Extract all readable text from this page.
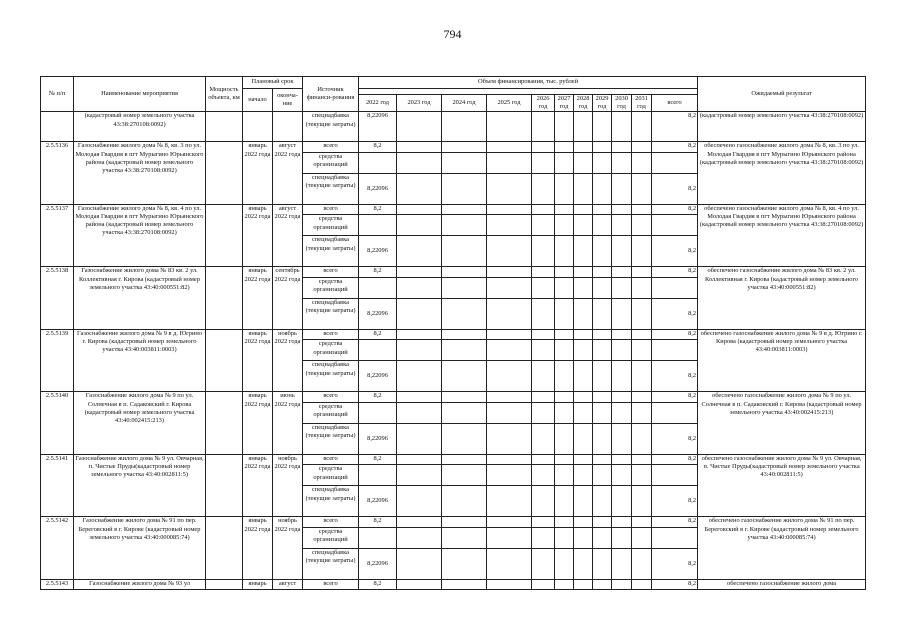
794
№ п/п	Наименование мероприятия	Мощность объекта, км	Плановый срок		Источник финанси-рования	Объем финансирования, тыс. рублей											Ожидаемый результат
			начало	оконча-ние													
						2022 год	2023 год	2024 год	2025 год	2026 год	2027 год	2028 год	2029 год	2030 год	2031 год	всего	
	(кадастровый номер земельного участка 43:38:270108:0092)				спецнадбавка (текущие затраты)	8,22096										8,2	(кадастровый номер земельного участка 43:38:270108:0092)
2.5.5136	Газоснабжение жилого дома № 8, кв. 3 по ул. Молодая Гвардия в пгт Мурыгино Юрьянского района (кадастровый номер земельного участка 43:38:270108:0092)		январь 2022 года	август 2022 года	всего	8,2										8,2	обеспечено газоснабжение жилого дома № 8, кв. 3 по ул. Молодая Гвардия в пгт Мурыгино Юрьянского района (кадастровый номер земельного участка 43:38:270108:0092)
					средства организаций												
					спецнадбавка (текущие затраты)	8,22096										8,2	
2.5.5137	Газоснабжение жилого дома № 8, кв. 4 по ул. Молодая Гвардия в пгт Мурыгино Юрьянского района (кадастровый номер земельного участка 43:38:270108:0092)		январь 2022 года	август 2022 года	всего	8,2										8,2	обеспечено газоснабжение жилого дома № 8, кв. 4 по ул. Молодая Гвардия в пгт Мурыгино Юрьянского района (кадастровый номер земельного участка 43:38:270108:0092)
					средства организаций												
					спецнадбавка (текущие затраты)	8,22096										8,2	
2.5.5138	Газоснабжение жилого дома № 83 кв. 2 ул. Коллективная г. Кирова (кадастровый номер земельного участка 43:40:000551:82)		январь 2022 года	сентябрь 2022 года	всего	8,2										8,2	обеспечено газоснабжение жилого дома № 83 кв. 2 ул. Коллективная г. Кирова (кадастровый номер земельного участка 43:40:000551:82)
					средства организаций												
					спецнадбавка (текущие затраты)	8,22096										8,2	
2.5.5139	Газоснабжение жилого дома № 9 в д. Югрино г. Кирова (кадастровый номер земельного участка 43:40:003811:0003)		январь 2022 года	ноябрь 2022 года	всего	8,2										8,2	обеспечено газоснабжение жилого дома № 9 в д. Югрино г. Кирова (кадастровый номер земельного участка 43:40:003811:0003)
					средства организаций												
					спецнадбавка (текущие затраты)	8,22096										8,2	
2.5.5140	Газоснабжение жилого дома № 9 по ул. Солнечная в п. Садаковский г. Кирова (кадастровый номер земельного участка 43:40:002415:213)		январь 2022 года	июнь 2022 года	всего	8,2										8,2	обеспечено газоснабжение жилого дома № 9 по ул. Солнечная в п. Садаковский г. Кирова (кадастровый номер земельного участка 43:40:002415:213)
					средства организаций												
					спецнадбавка (текущие затраты)	8,22096										8,2	
2.5.5141	Газоснабжение жилого дома № 9 ул. Овчарная, п. Чистые Пруды(кадастровый номер земельного участка 43:40:002811:5)		январь 2022 года	ноябрь 2022 года	всего	8,2										8,2	обеспечено газоснабжение жилого дома № 9 ул. Овчарная, п. Чистые Пруды(кадастровый номер земельного участка 43:40:002811:5)
					средства организаций												
					спецнадбавка (текущие затраты)	8,22096										8,2	
2.5.5142	Газоснабжение жилого дома № 91 по пер. Береговский в г. Кирове (кадастровый номер земельного участка 43:40:000085:74)		январь 2022 года	ноябрь 2022 года	всего	8,2										8,2	обеспечено газоснабжение жилого дома № 91 по пер. Береговский в г. Кирове (кадастровый номер земельного участка 43:40:000085:74)
					средства организаций												
					спецнадбавка (текущие затраты)	8,22096										8,2	
2.5.5143	Газоснабжение жилого дома № 93 ул		январь	август	всего	8,2										8,2	обеспечено газоснабжение жилого дома
